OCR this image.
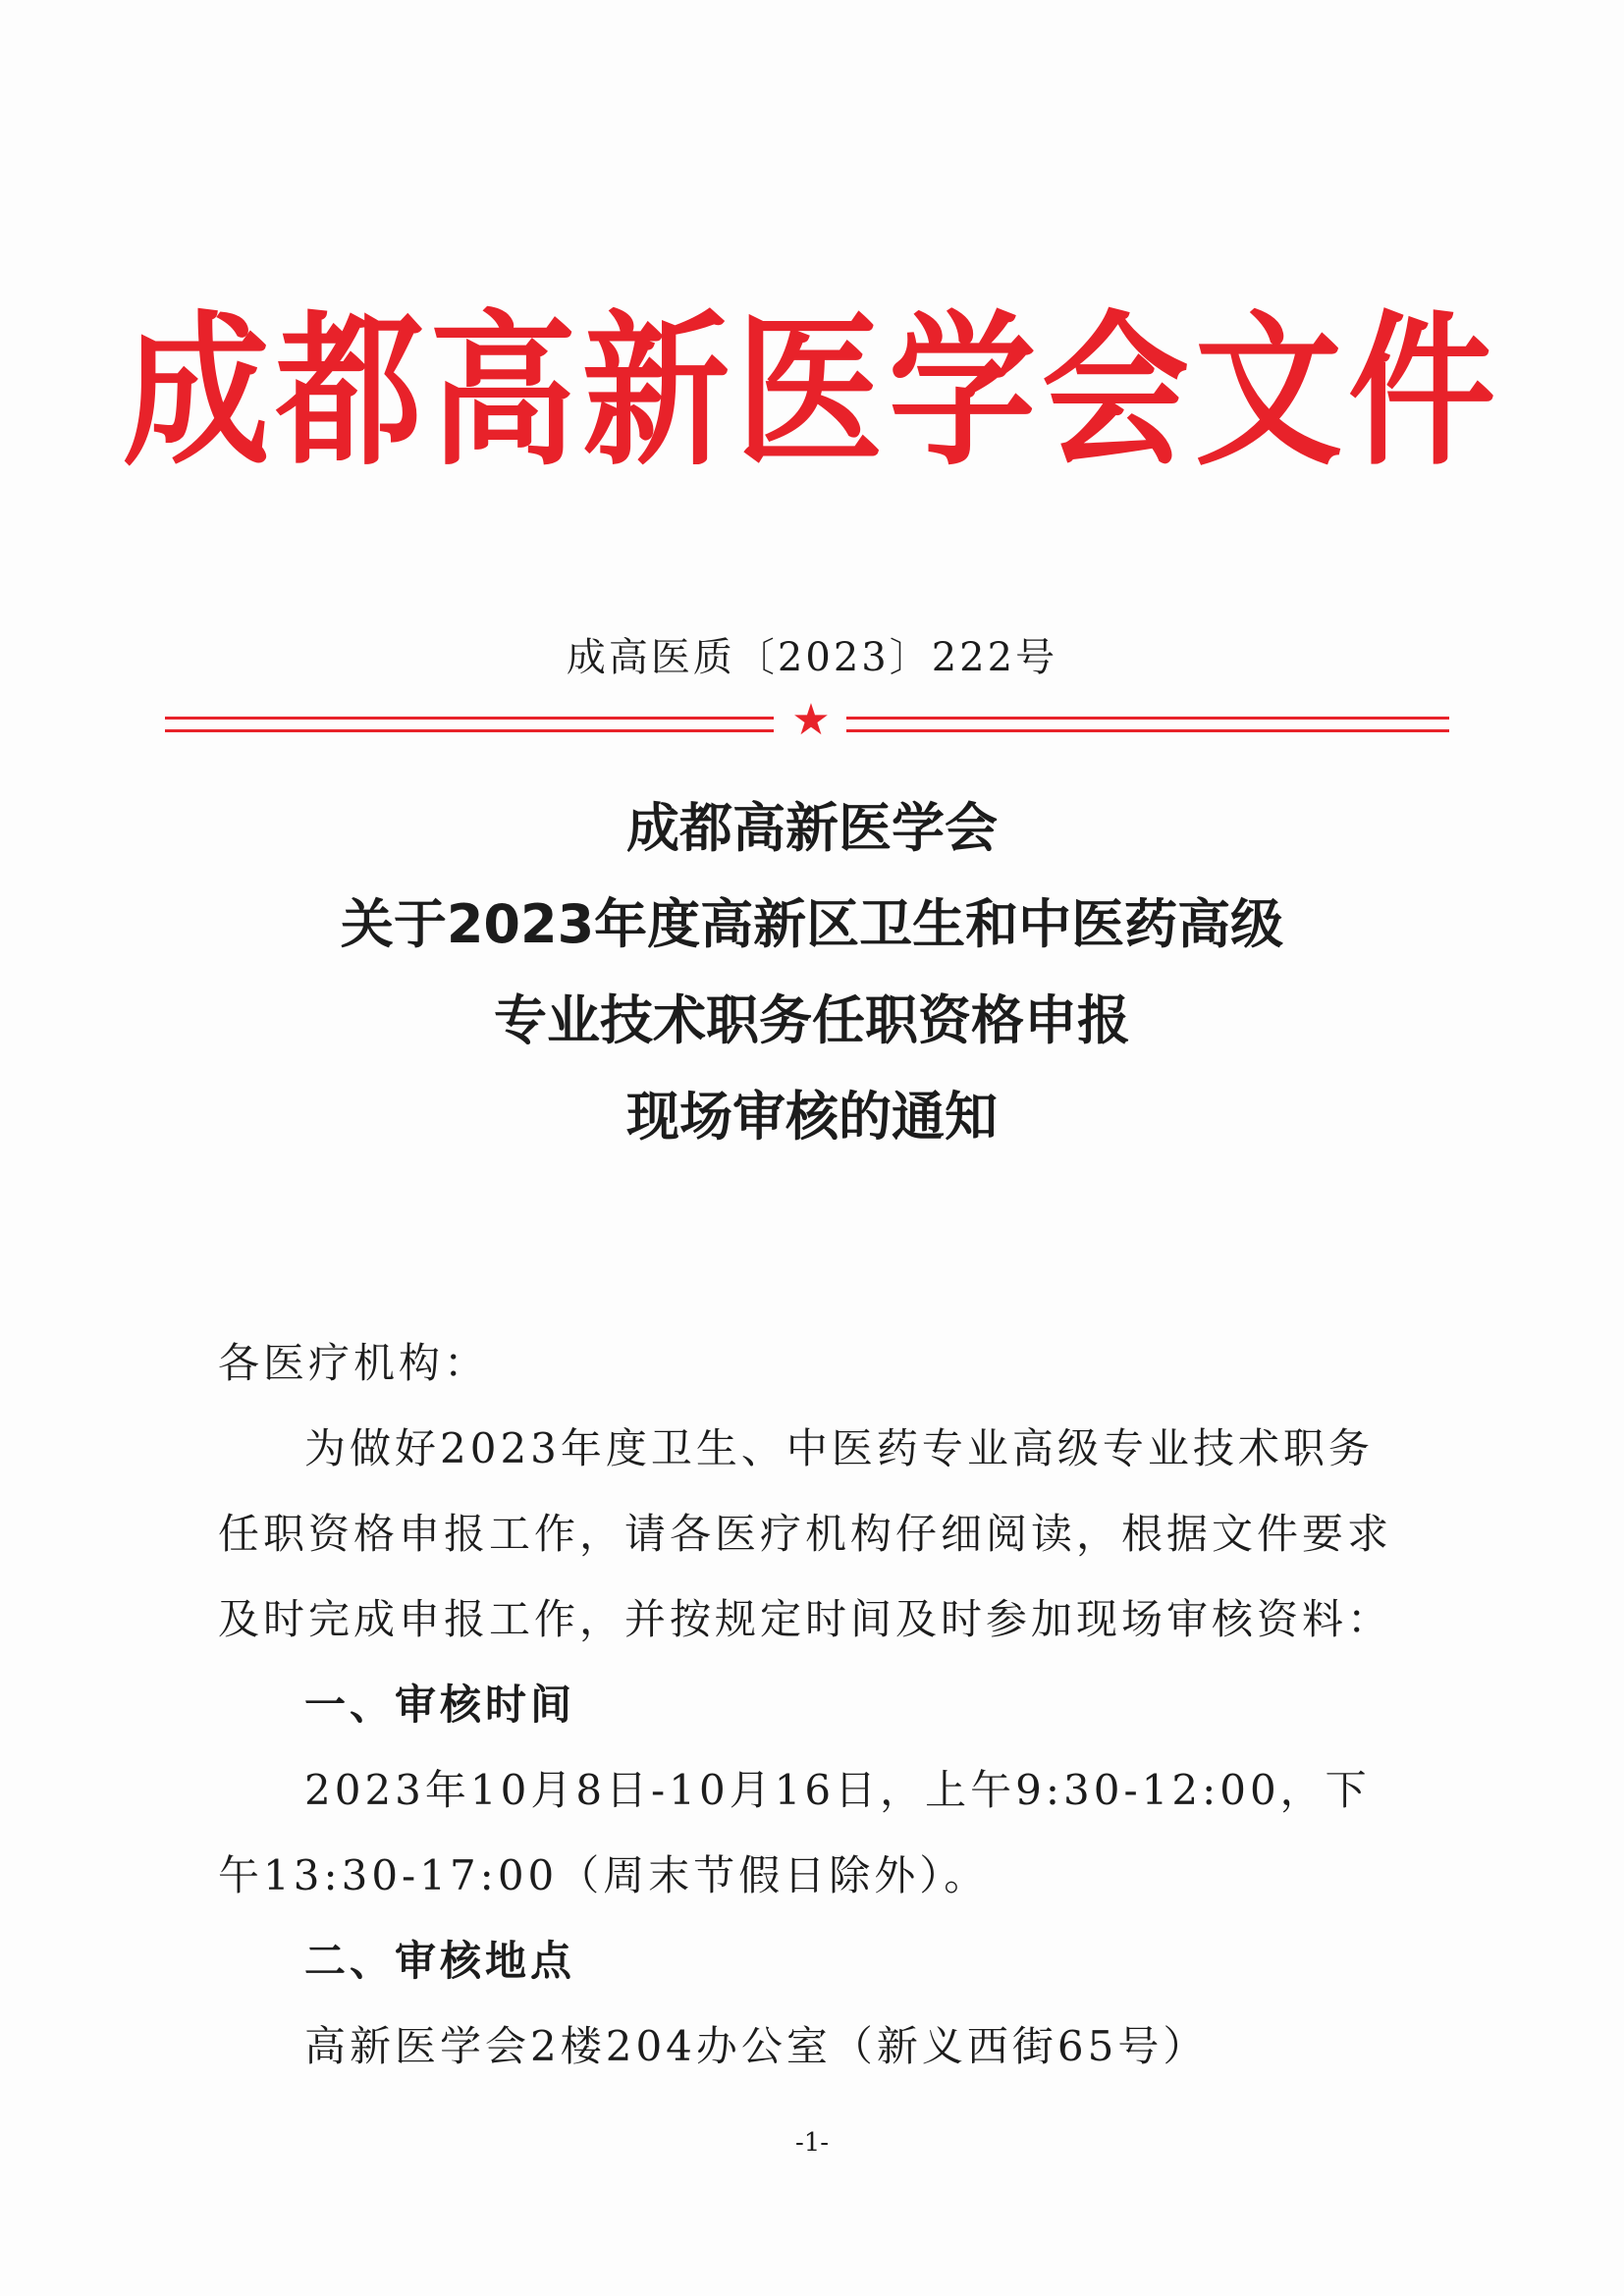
成都高新医学会文件
成高医质〔2023〕222号
★
成都高新医学会
关于2023年度高新区卫生和中医药高级
专业技术职务任职资格申报
现场审核的通知

各医疗机构：

为做好2023年度卫生、中医药专业高级专业技术职务任职资格申报工作，请各医疗机构仔细阅读，根据文件要求及时完成申报工作，并按规定时间及时参加现场审核资料：

一、审核时间

2023年10月8日-10月16日，上午9:30-12:00，下午13:30-17:00（周末节假日除外）。

二、审核地点

高新医学会2楼204办公室（新义西街65号）

-1-
